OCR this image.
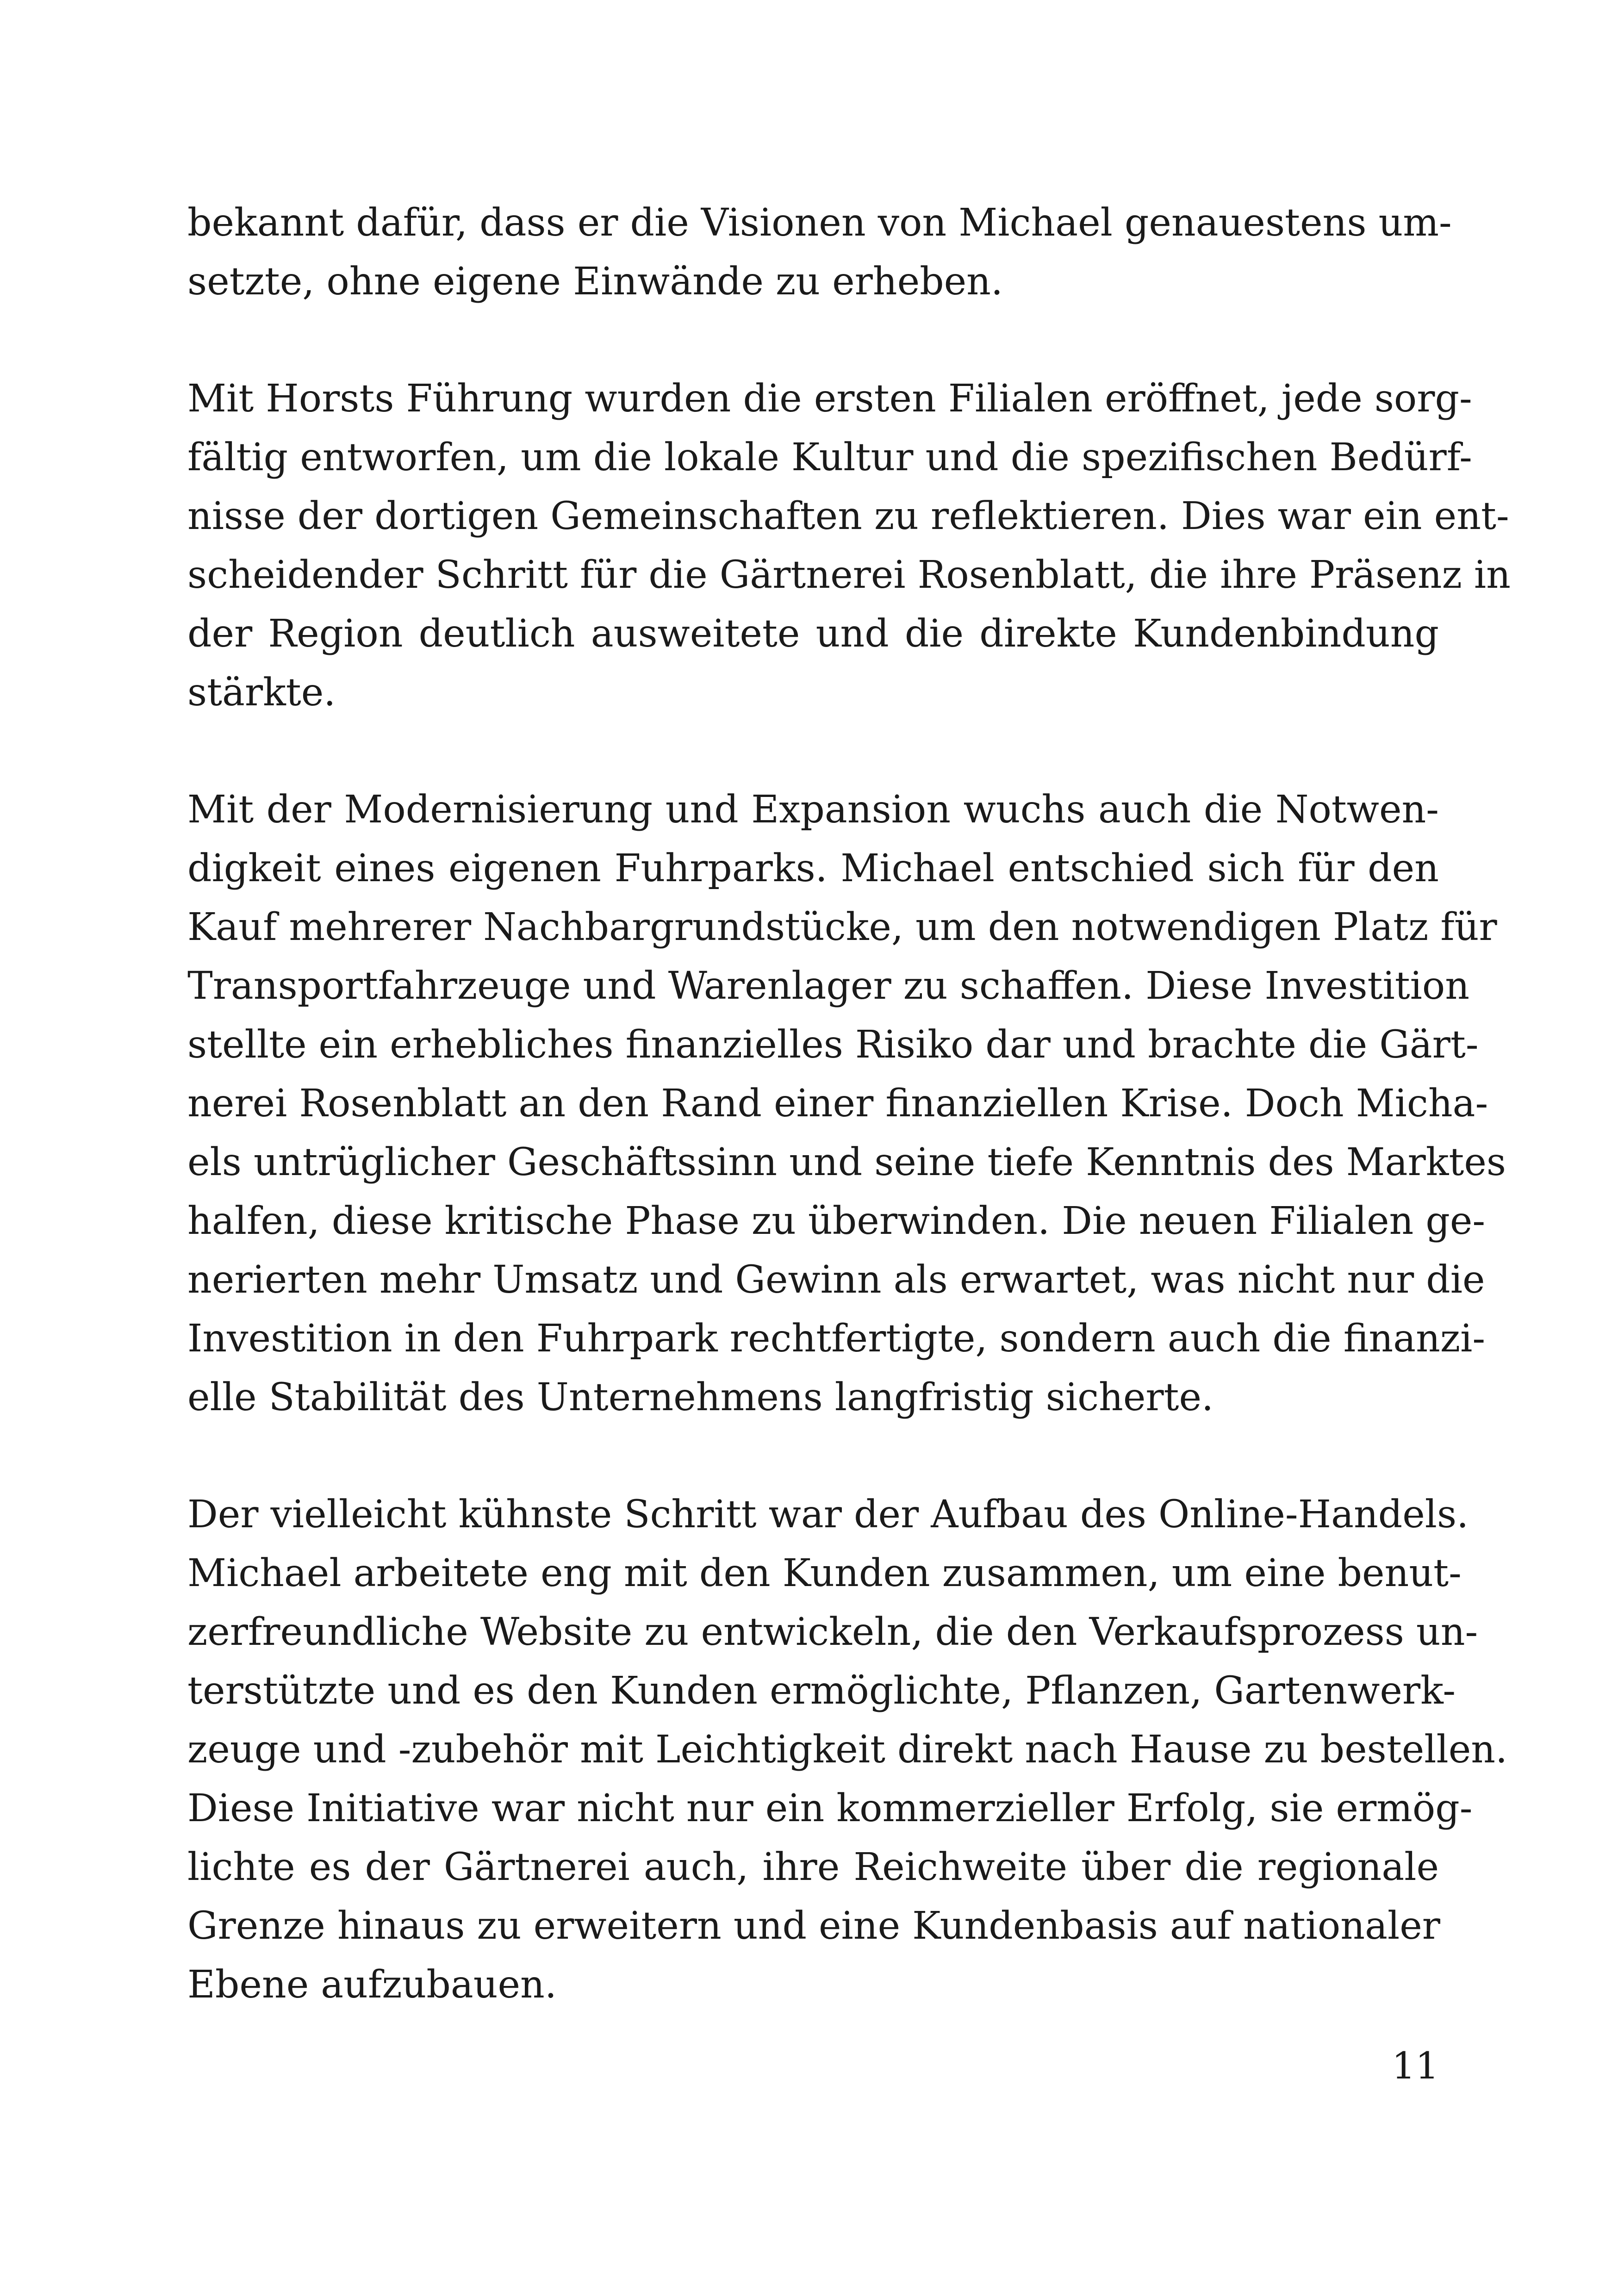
bekannt dafür, dass er die Visionen von Michael genauestens um-
setzte, ohne eigene Einwände zu erheben.
Mit Horsts Führung wurden die ersten Filialen eröffnet, jede sorg-
fältig entworfen, um die lokale Kultur und die spezifischen Bedürf-
nisse der dortigen Gemeinschaften zu reflektieren. Dies war ein ent-
scheidender Schritt für die Gärtnerei Rosenblatt, die ihre Präsenz in
der Region deutlich ausweitete und die direkte Kundenbindung
stärkte.
Mit der Modernisierung und Expansion wuchs auch die Notwen-
digkeit eines eigenen Fuhrparks. Michael entschied sich für den
Kauf mehrerer Nachbargrundstücke, um den notwendigen Platz für
Transportfahrzeuge und Warenlager zu schaffen. Diese Investition
stellte ein erhebliches finanzielles Risiko dar und brachte die Gärt-
nerei Rosenblatt an den Rand einer finanziellen Krise. Doch Micha-
els untrüglicher Geschäftssinn und seine tiefe Kenntnis des Marktes
halfen, diese kritische Phase zu überwinden. Die neuen Filialen ge-
nerierten mehr Umsatz und Gewinn als erwartet, was nicht nur die
Investition in den Fuhrpark rechtfertigte, sondern auch die finanzi-
elle Stabilität des Unternehmens langfristig sicherte.
Der vielleicht kühnste Schritt war der Aufbau des Online-Handels.
Michael arbeitete eng mit den Kunden zusammen, um eine benut-
zerfreundliche Website zu entwickeln, die den Verkaufsprozess un-
terstützte und es den Kunden ermöglichte, Pflanzen, Gartenwerk-
zeuge und -zubehör mit Leichtigkeit direkt nach Hause zu bestellen.
Diese Initiative war nicht nur ein kommerzieller Erfolg, sie ermög-
lichte es der Gärtnerei auch, ihre Reichweite über die regionale
Grenze hinaus zu erweitern und eine Kundenbasis auf nationaler
Ebene aufzubauen.
11
